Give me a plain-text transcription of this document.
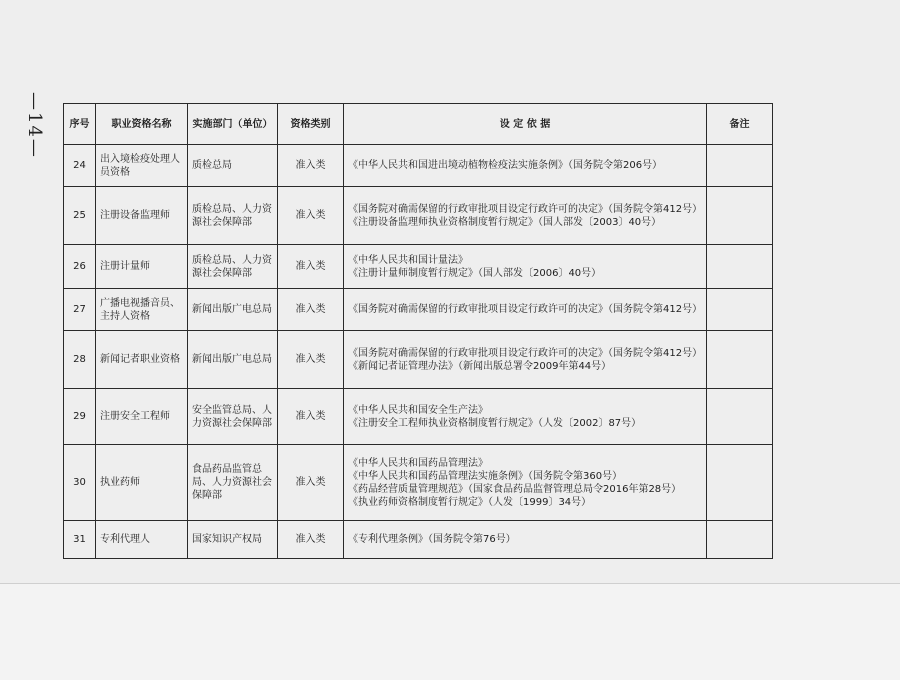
—14— 序号	职业资格名称	实施部门（单位）	资格类别	设 定 依 据	备注
24	出入境检疫处理人员资格	质检总局	准入类	《中华人民共和国进出境动植物检疫法实施条例》（国务院令第206号）	

25	注册设备监理师	质检总局、人力资源社会保障部	准入类	《国务院对确需保留的行政审批项目设定行政许可的决定》（国务院令第412号）
《注册设备监理师执业资格制度暂行规定》（国人部发〔2003〕40号）	

26	注册计量师	质检总局、人力资源社会保障部	准入类	《中华人民共和国计量法》
《注册计量师制度暂行规定》（国人部发〔2006〕40号）	

27	广播电视播音员、主持人资格	新闻出版广电总局	准入类	《国务院对确需保留的行政审批项目设定行政许可的决定》（国务院令第412号）	

28	新闻记者职业资格	新闻出版广电总局	准入类	《国务院对确需保留的行政审批项目设定行政许可的决定》（国务院令第412号）
《新闻记者证管理办法》（新闻出版总署令2009年第44号）	

29	注册安全工程师	安全监管总局、人力资源社会保障部	准入类	《中华人民共和国安全生产法》
《注册安全工程师执业资格制度暂行规定》（人发〔2002〕87号）	

30	执业药师	食品药品监管总局、人力资源社会保障部	准入类	《中华人民共和国药品管理法》
《中华人民共和国药品管理法实施条例》（国务院令第360号）
《药品经营质量管理规范》（国家食品药品监督管理总局令2016年第28号）
《执业药师资格制度暂行规定》（人发〔1999〕34号）	

31	专利代理人	国家知识产权局	准入类	《专利代理条例》（国务院令第76号）	
